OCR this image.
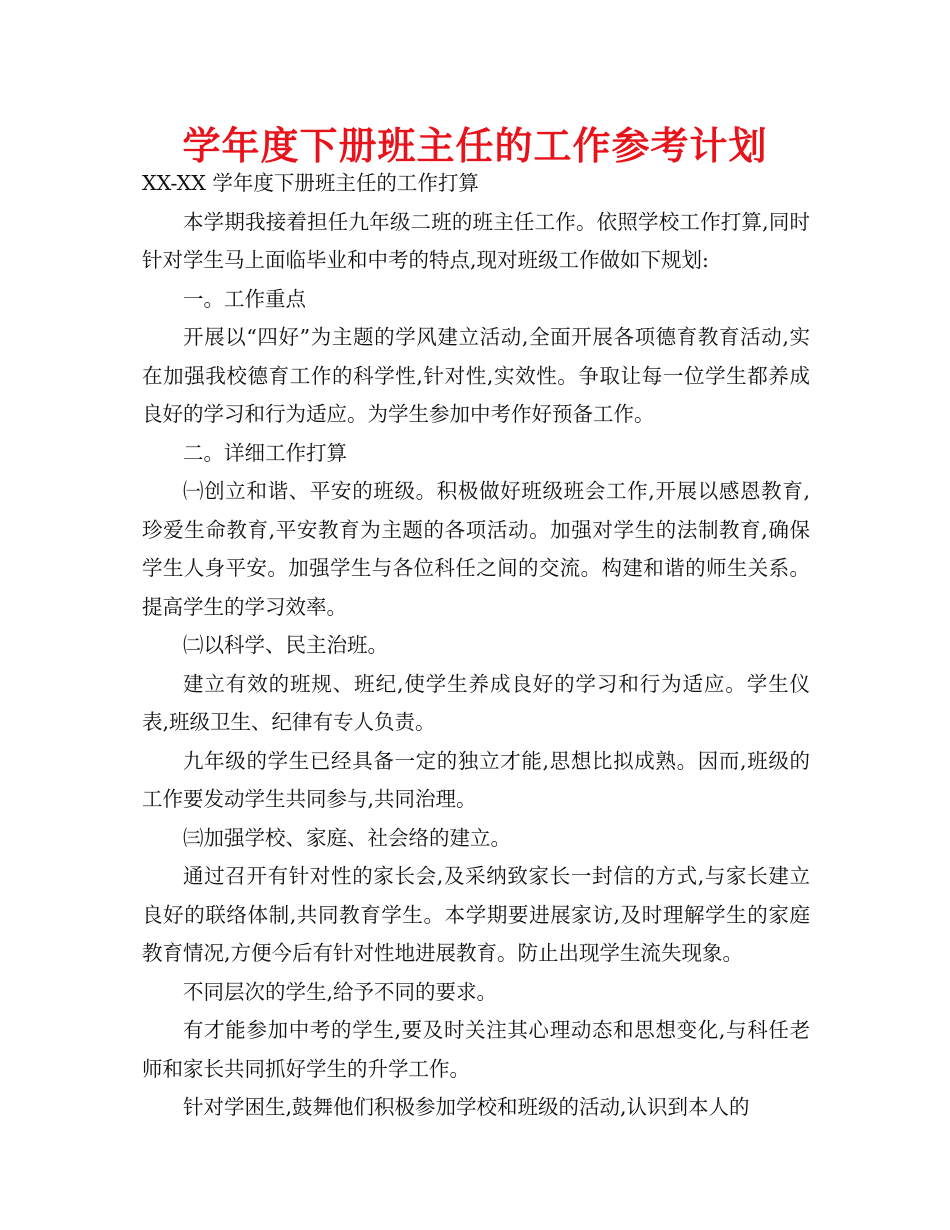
学年度下册班主任的工作参考计划

XX-XX 学年度下册班主任的工作打算

本学期我接着担任九年级二班的班主任工作。依照学校工作打算,同时针对学生马上面临毕业和中考的特点,现对班级工作做如下规划:

一。工作重点

开展以“四好”为主题的学风建立活动,全面开展各项德育教育活动,实在加强我校德育工作的科学性,针对性,实效性。争取让每一位学生都养成良好的学习和行为适应。为学生参加中考作好预备工作。

二。详细工作打算

㈠创立和谐、平安的班级。积极做好班级班会工作,开展以感恩教育,珍爱生命教育,平安教育为主题的各项活动。加强对学生的法制教育,确保学生人身平安。加强学生与各位科任之间的交流。构建和谐的师生关系。提高学生的学习效率。

㈡以科学、民主治班。

建立有效的班规、班纪,使学生养成良好的学习和行为适应。学生仪表,班级卫生、纪律有专人负责。

九年级的学生已经具备一定的独立才能,思想比拟成熟。因而,班级的工作要发动学生共同参与,共同治理。

㈢加强学校、家庭、社会络的建立。

通过召开有针对性的家长会,及采纳致家长一封信的方式,与家长建立良好的联络体制,共同教育学生。本学期要进展家访,及时理解学生的家庭教育情况,方便今后有针对性地进展教育。防止出现学生流失现象。

不同层次的学生,给予不同的要求。

有才能参加中考的学生,要及时关注其心理动态和思想变化,与科任老师和家长共同抓好学生的升学工作。

针对学困生,鼓舞他们积极参加学校和班级的活动,认识到本人的
